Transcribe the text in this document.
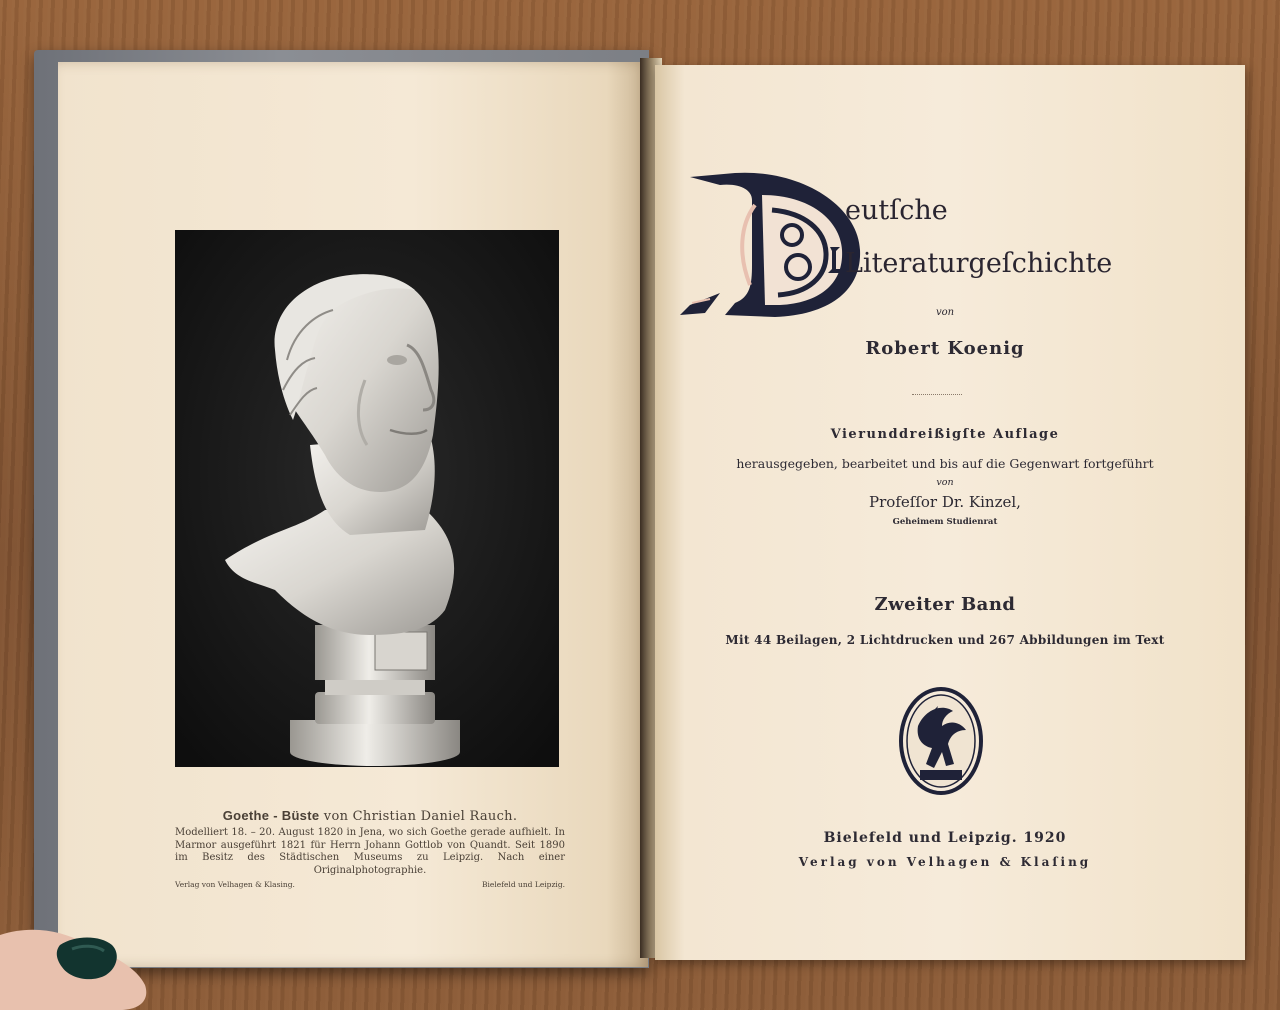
Goethe - Büste von Christian Daniel Rauch.
Modelliert 18. – 20. August 1820 in Jena, wo sich Goethe gerade aufhielt. In Marmor ausgeführt 1821 für Herrn Johann Gottlob von Quandt. Seit 1890 im Besitz des Städtischen Museums zu Leipzig. Nach einer Originalphotographie.
Verlag von Velhagen & Klasing.	Bielefeld und Leipzig.
eutſche
Literaturgeſchichte
von
Robert Koenig
Vierunddreißigſte Auflage
herausgegeben, bearbeitet und bis auf die Gegenwart fortgeführt
von
Profeſſor Dr. Kinzel,
Geheimem Studienrat
Zweiter Band
Mit 44 Beilagen, 2 Lichtdrucken und 267 Abbildungen im Text
Bielefeld und Leipzig. 1920
Verlag von Velhagen & Klaſing
